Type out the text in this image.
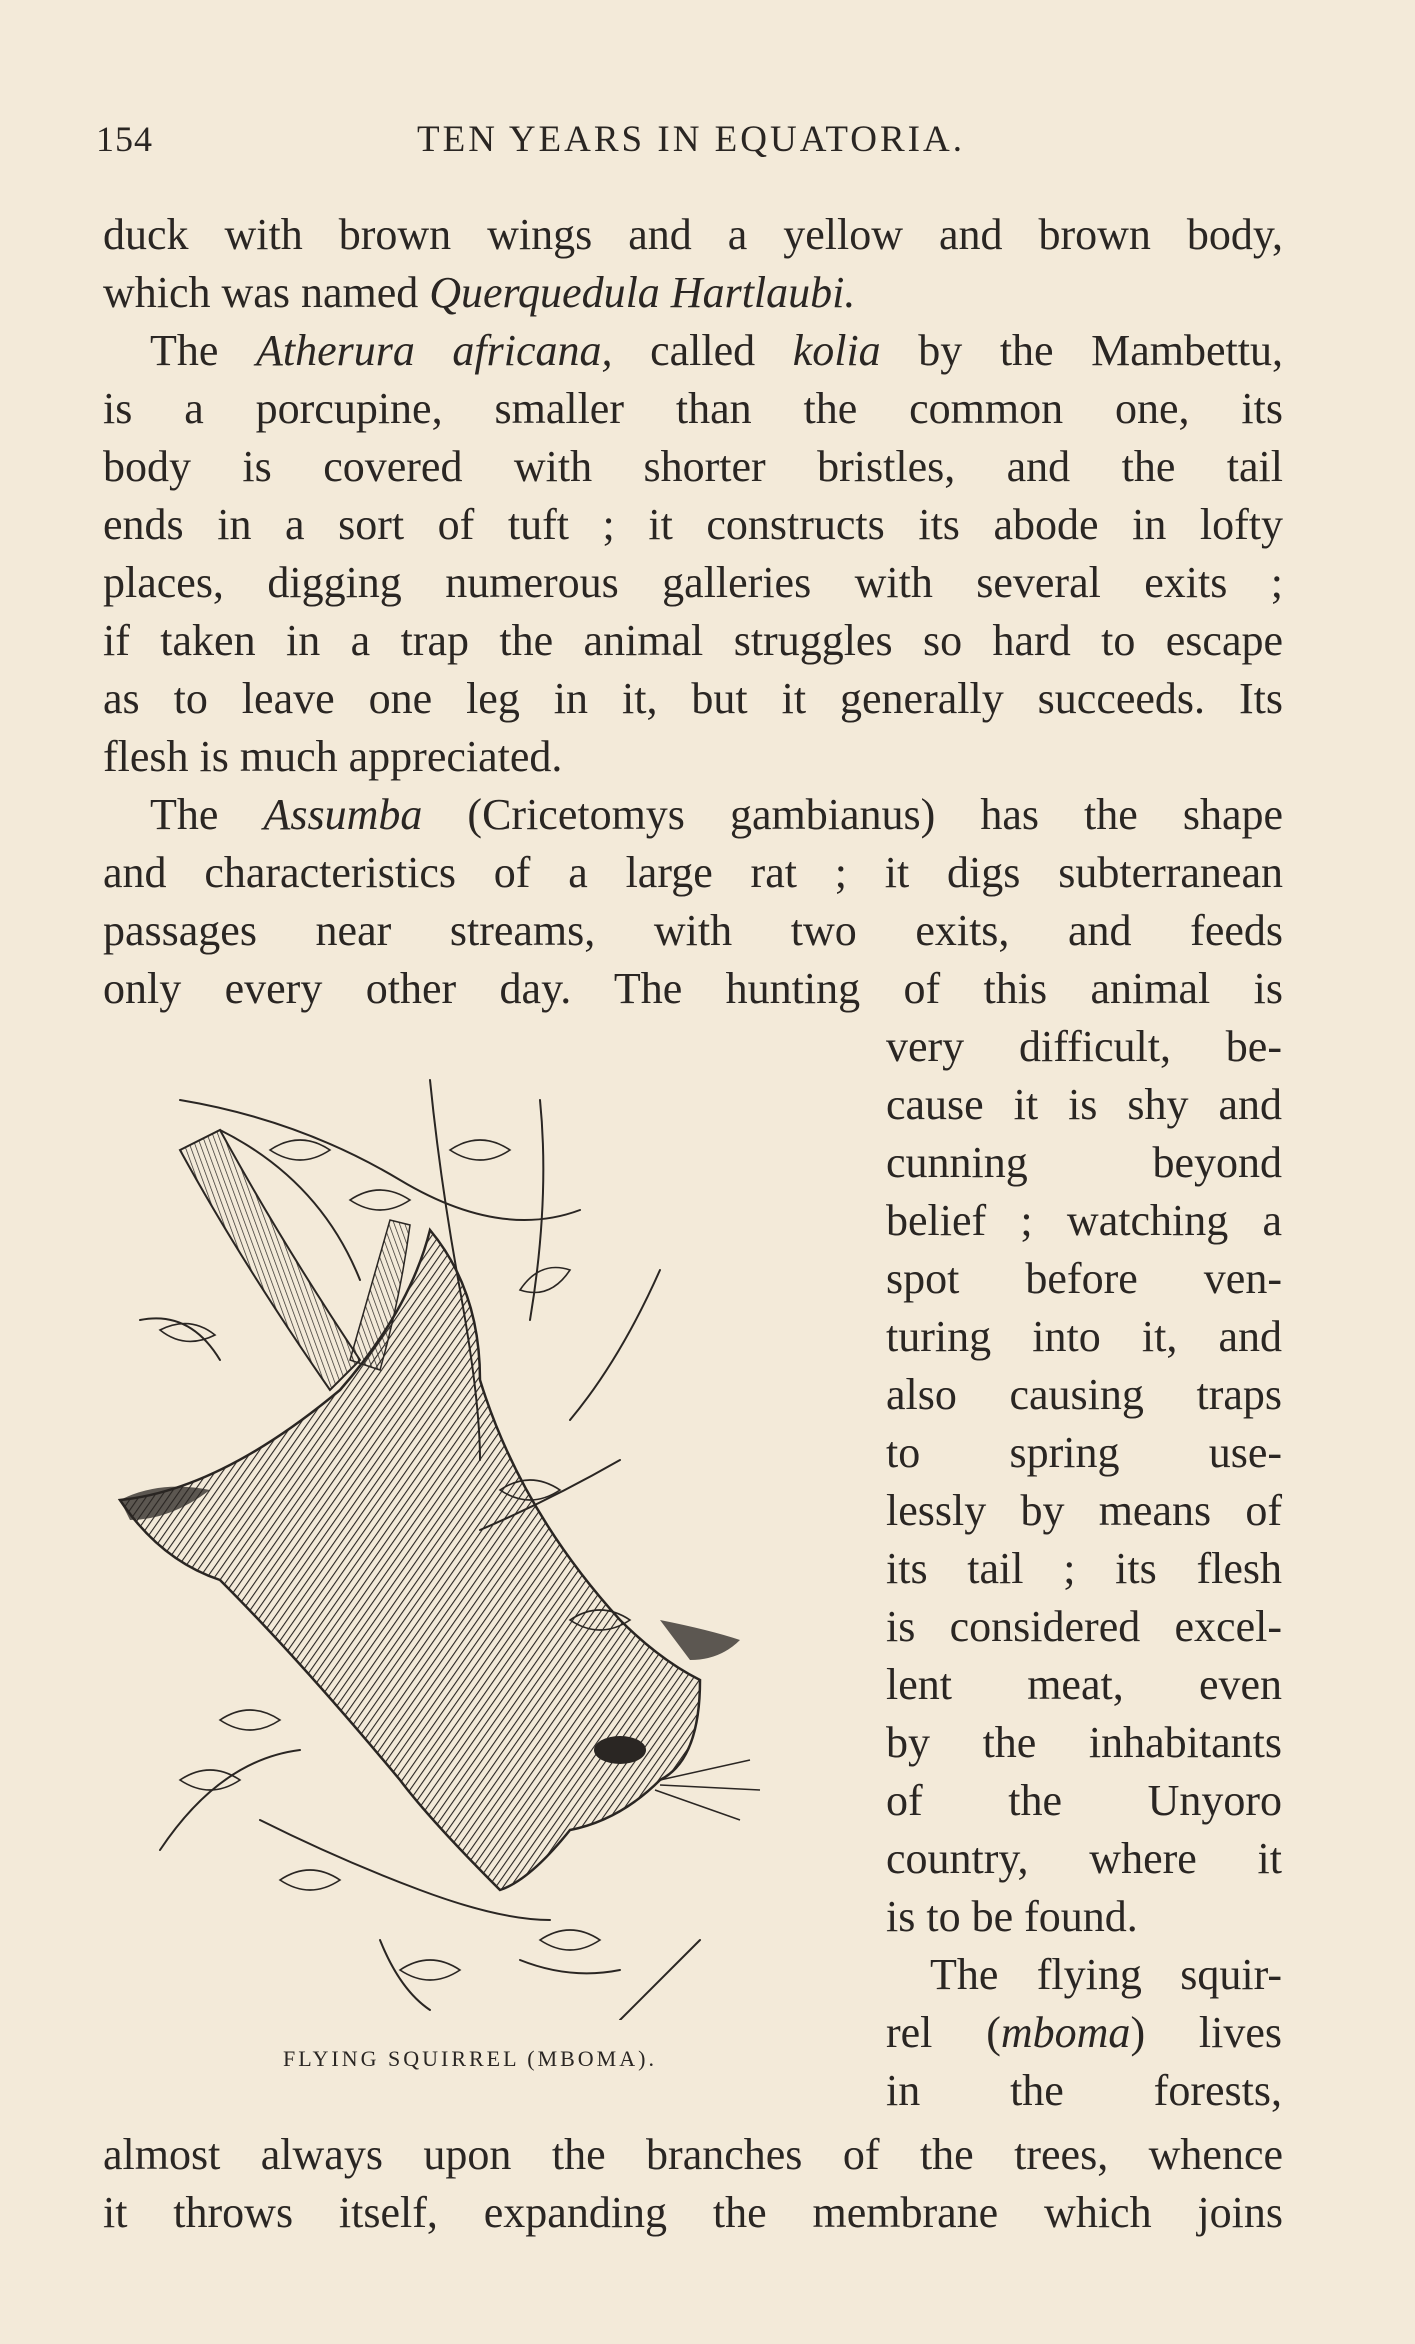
154	TEN YEARS IN EQUATORIA.
duck with brown wings and a yellow and brown body,
which was named Querquedula Hartlaubi.
The Atherura africana, called kolia by the Mambettu,
is a porcupine, smaller than the common one, its
body is covered with shorter bristles, and the tail
ends in a sort of tuft ; it constructs its abode in lofty
places, digging numerous galleries with several exits ;
if taken in a trap the animal struggles so hard to escape
as to leave one leg in it, but it generally succeeds. Its
flesh is much appreciated.
The Assumba (Cricetomys gambianus) has the shape
and characteristics of a large rat ; it digs subterranean
passages near streams, with two exits, and feeds
only every other day. The hunting of this animal is
very difficult, be-
cause it is shy and
cunning beyond
belief ; watching a
spot before ven-
turing into it, and
also causing traps
to spring use-
lessly by means of
its tail ; its flesh
is considered excel-
lent meat, even
by the inhabitants
of the Unyoro
country, where it
is to be found.
The flying squir-
rel (mboma) lives
in the forests,
almost always upon the branches of the trees, whence
it throws itself, expanding the membrane which joins
FLYING SQUIRREL (MBOMA).
